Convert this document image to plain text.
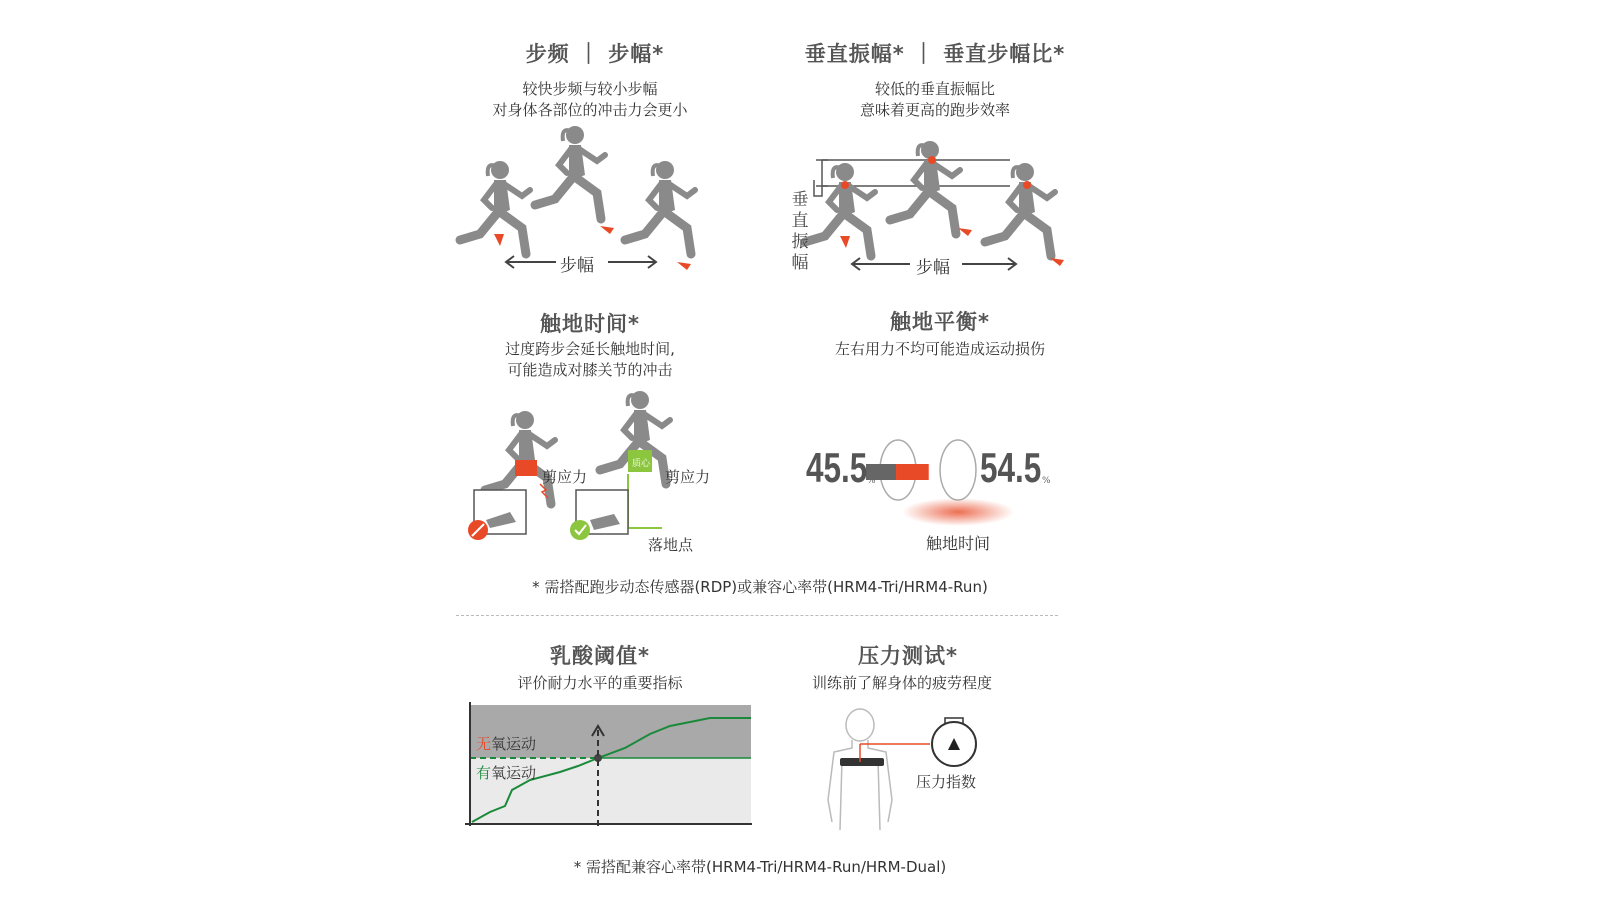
步频 ｜ 步幅*
较快步频与较小步幅
对身体各部位的冲击力会更小
步幅
垂直振幅* ｜ 垂直步幅比*
较低的垂直振幅比
意味着更高的跑步效率
垂
直
振
幅	步幅
触地时间*
过度跨步会延长触地时间,
可能造成对膝关节的冲击
剪应力	剪应力
质心
落地点
触地平衡*
左右用力不均可能造成运动损伤
45.5 % 54.5 %
触地时间
* 需搭配跑步动态传感器(RDP)或兼容心率带(HRM4-Tri/HRM4-Run)
乳酸阈值*
评价耐力水平的重要指标
无氧运动
有氧运动
压力测试*
训练前了解身体的疲劳程度
压力指数
* 需搭配兼容心率带(HRM4-Tri/HRM4-Run/HRM-Dual)
